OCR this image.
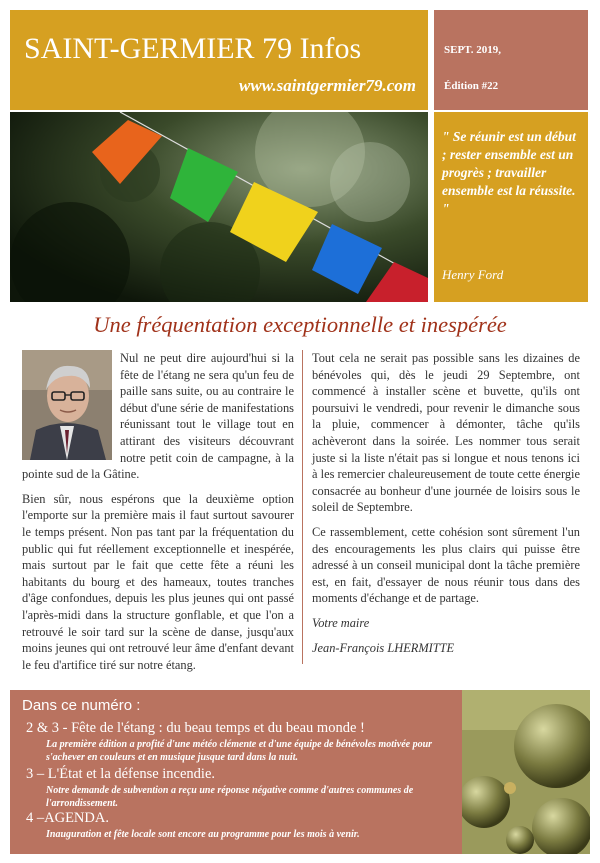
SAINT-GERMIER 79 Infos
www.saintgermier79.com
SEPT. 2019,
Édition #22
" Se réunir est un début ; rester ensemble est un progrès ; travailler ensemble est la réussite. "
Henry Ford
Une fréquentation exceptionnelle et inespérée

Nul ne peut dire aujourd'hui si la fête de l'étang ne sera qu'un feu de paille sans suite, ou au contraire le début d'une série de manifestations réunissant tout le village tout en attirant des visiteurs découvrant notre petit coin de campagne, à la pointe sud de la Gâtine.

Bien sûr, nous espérons que la deuxième option l'emporte sur la première mais il faut surtout savourer le temps présent. Non pas tant par la fréquentation du public qui fut réellement exceptionnelle et inespérée, mais surtout par le fait que cette fête a réuni les habitants du bourg et des hameaux, toutes tranches d'âge confondues, depuis les plus jeunes qui ont passé l'après-midi dans la structure gonflable, et que l'on a retrouvé le soir tard sur la scène de danse, jusqu'aux moins jeunes qui ont retrouvé leur âme d'enfant devant le feu d'artifice tiré sur notre étang.

Tout cela ne serait pas possible sans les dizaines de bénévoles qui, dès le jeudi 29 Septembre, ont commencé à installer scène et buvette, qu'ils ont poursuivi le vendredi, pour revenir le dimanche sous la pluie, commencer à démonter, tâche qu'ils achèveront dans la soirée. Les nommer tous serait juste si la liste n'était pas si longue et nous tenons ici à les remercier chaleureusement de toute cette énergie consacrée au bonheur d'une journée de loisirs sous le soleil de Septembre.

Ce rassemblement, cette cohésion sont sûrement l'un des encouragements les plus clairs qui puisse être adressé à un conseil municipal dont la tâche première est, en fait, d'essayer de nous réunir tous dans des moments d'échange et de partage.

Votre maire

Jean-François LHERMITTE

Dans ce numéro :
2 & 3 - Fête de l'étang : du beau temps et du beau monde !
La première édition a profité d'une météo clémente et d'une équipe de bénévoles motivée pour s'achever en couleurs et en musique jusque tard dans la nuit.
3 – L'État et la défense incendie.
Notre demande de subvention a reçu une réponse négative comme d'autres communes de l'arrondissement.
4 –AGENDA.
Inauguration et fête locale sont encore au programme pour les mois à venir.
